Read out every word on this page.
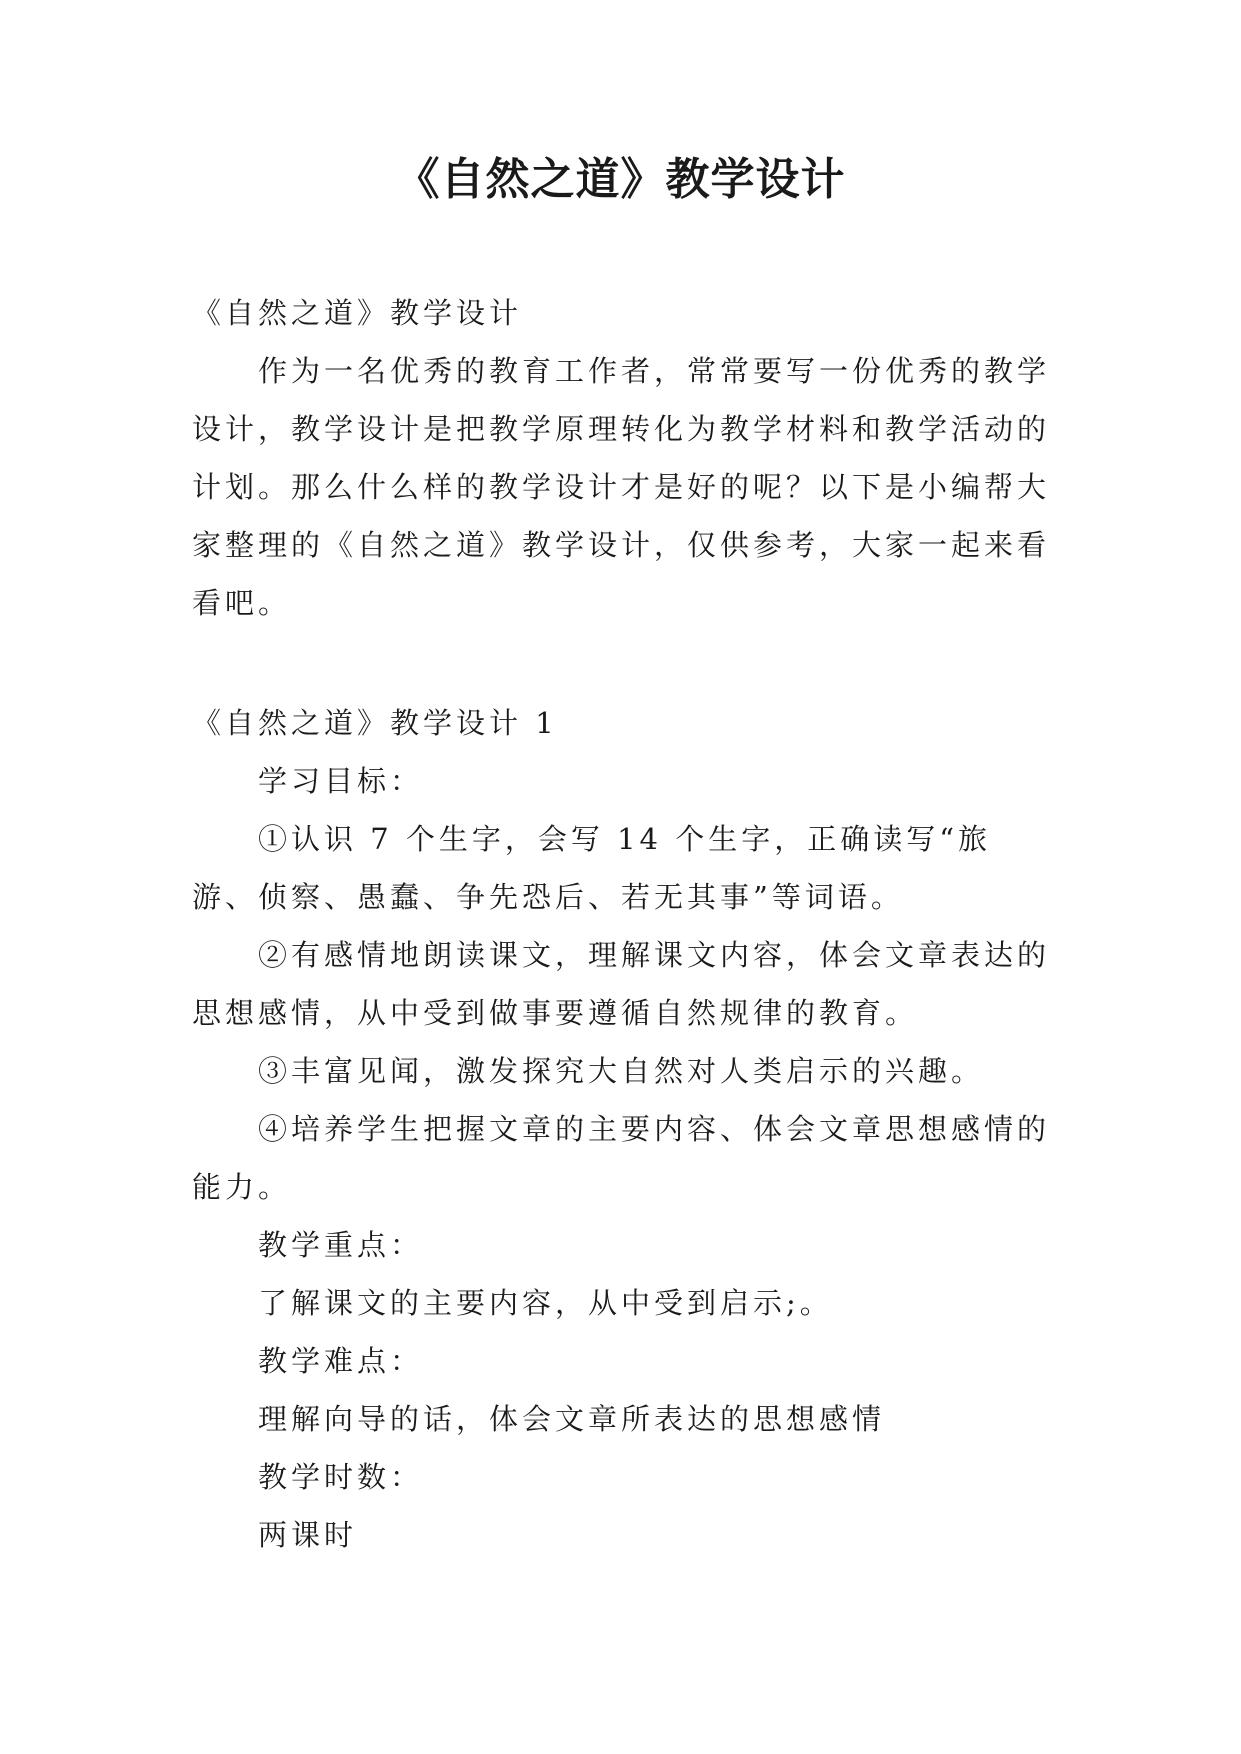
《自然之道》教学设计

《自然之道》教学设计

作为一名优秀的教育工作者，常常要写一份优秀的教学设计，教学设计是把教学原理转化为教学材料和教学活动的计划。那么什么样的教学设计才是好的呢？以下是小编帮大家整理的《自然之道》教学设计，仅供参考，大家一起来看看吧。

《自然之道》教学设计 1

学习目标：

①认识 7 个生字，会写 14 个生字，正确读写“旅游、侦察、愚蠢、争先恐后、若无其事”等词语。

②有感情地朗读课文，理解课文内容，体会文章表达的思想感情，从中受到做事要遵循自然规律的教育。

③丰富见闻，激发探究大自然对人类启示的兴趣。

④培养学生把握文章的主要内容、体会文章思想感情的能力。

教学重点：

了解课文的主要内容，从中受到启示;。

教学难点：

理解向导的话，体会文章所表达的思想感情

教学时数：

两课时
